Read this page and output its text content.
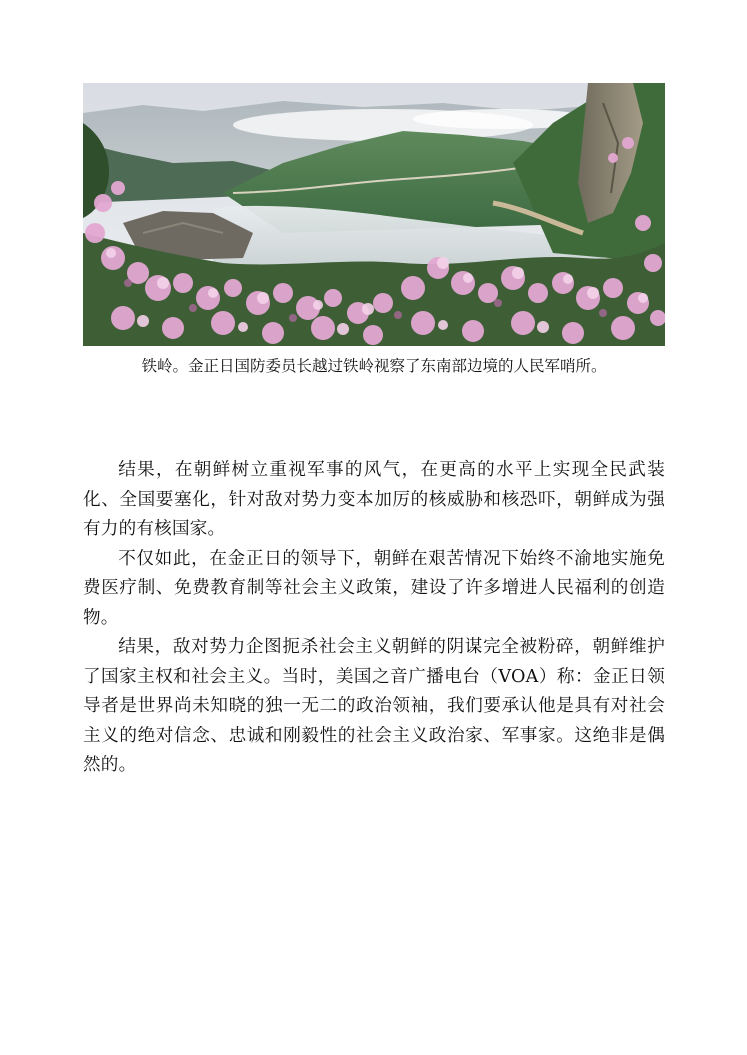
铁岭。金正日国防委员长越过铁岭视察了东南部边境的人民军哨所。

结果，在朝鲜树立重视军事的风气，在更高的水平上实现全民武装化、全国要塞化，针对敌对势力变本加厉的核威胁和核恐吓，朝鲜成为强有力的有核国家。

不仅如此，在金正日的领导下，朝鲜在艰苦情况下始终不渝地实施免费医疗制、免费教育制等社会主义政策，建设了许多增进人民福利的创造物。

结果，敌对势力企图扼杀社会主义朝鲜的阴谋完全被粉碎，朝鲜维护了国家主权和社会主义。当时，美国之音广播电台（VOA）称：金正日领导者是世界尚未知晓的独一无二的政治领袖，我们要承认他是具有对社会主义的绝对信念、忠诚和刚毅性的社会主义政治家、军事家。这绝非是偶然的。
